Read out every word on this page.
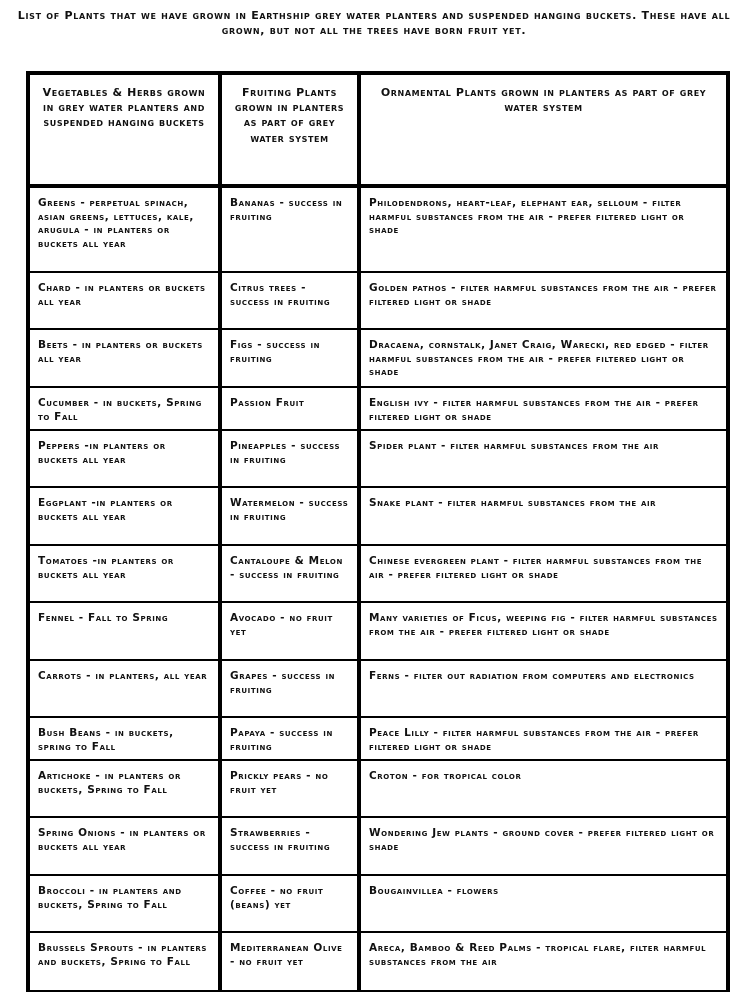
List of Plants that we have grown in Earthship grey water planters and suspended hanging buckets. These have all grown, but not all the trees have born fruit yet.
Vegetables & Herbs grown in grey water planters and suspended hanging buckets	Fruiting Plants grown in planters as part of grey water system	Ornamental Plants grown in planters as part of grey water system
Greens - perpetual spinach, asian greens, lettuces, kale, arugula - in planters or buckets all year	Bananas - success in fruiting	Philodendrons, heart-leaf, elephant ear, selloum - filter harmful substances from the air - prefer filtered light or shade
Chard - in planters or buckets all year	Citrus trees - success in fruiting	Golden pathos - filter harmful substances from the air - prefer filtered light or shade
Beets - in planters or buckets all year	Figs - success in fruiting	Dracaena, cornstalk, Janet Craig, Warecki, red edged - filter harmful substances from the air - prefer filtered light or shade
Cucumber - in buckets, Spring to Fall	Passion Fruit	English ivy - filter harmful substances from the air - prefer filtered light or shade
Peppers -in planters or buckets all year	Pineapples - success in fruiting	Spider plant - filter harmful substances from the air
Eggplant -in planters or buckets all year	Watermelon - success in fruiting	Snake plant - filter harmful substances from the air
Tomatoes -in planters or buckets all year	Cantaloupe & Melon - success in fruiting	Chinese evergreen plant - filter harmful substances from the air - prefer filtered light or shade
Fennel - Fall to Spring	Avocado - no fruit yet	Many varieties of Ficus, weeping fig - filter harmful substances from the air - prefer filtered light or shade
Carrots - in planters, all year	Grapes - success in fruiting	Ferns - filter out radiation from computers and electronics
Bush Beans - in buckets, spring to Fall	Papaya - success in fruiting	Peace Lilly - filter harmful substances from the air - prefer filtered light or shade
Artichoke - in planters or buckets, Spring to Fall	Prickly pears - no fruit yet	Croton - for tropical color
Spring Onions - in planters or buckets all year	Strawberries - success in fruiting	Wondering Jew plants - ground cover - prefer filtered light or shade
Broccoli - in planters and buckets, Spring to Fall	Coffee - no fruit (beans) yet	Bougainvillea - flowers
Brussels Sprouts - in planters and buckets, Spring to Fall	Mediterranean Olive - no fruit yet	Areca, Bamboo & Reed Palms - tropical flare, filter harmful substances from the air
